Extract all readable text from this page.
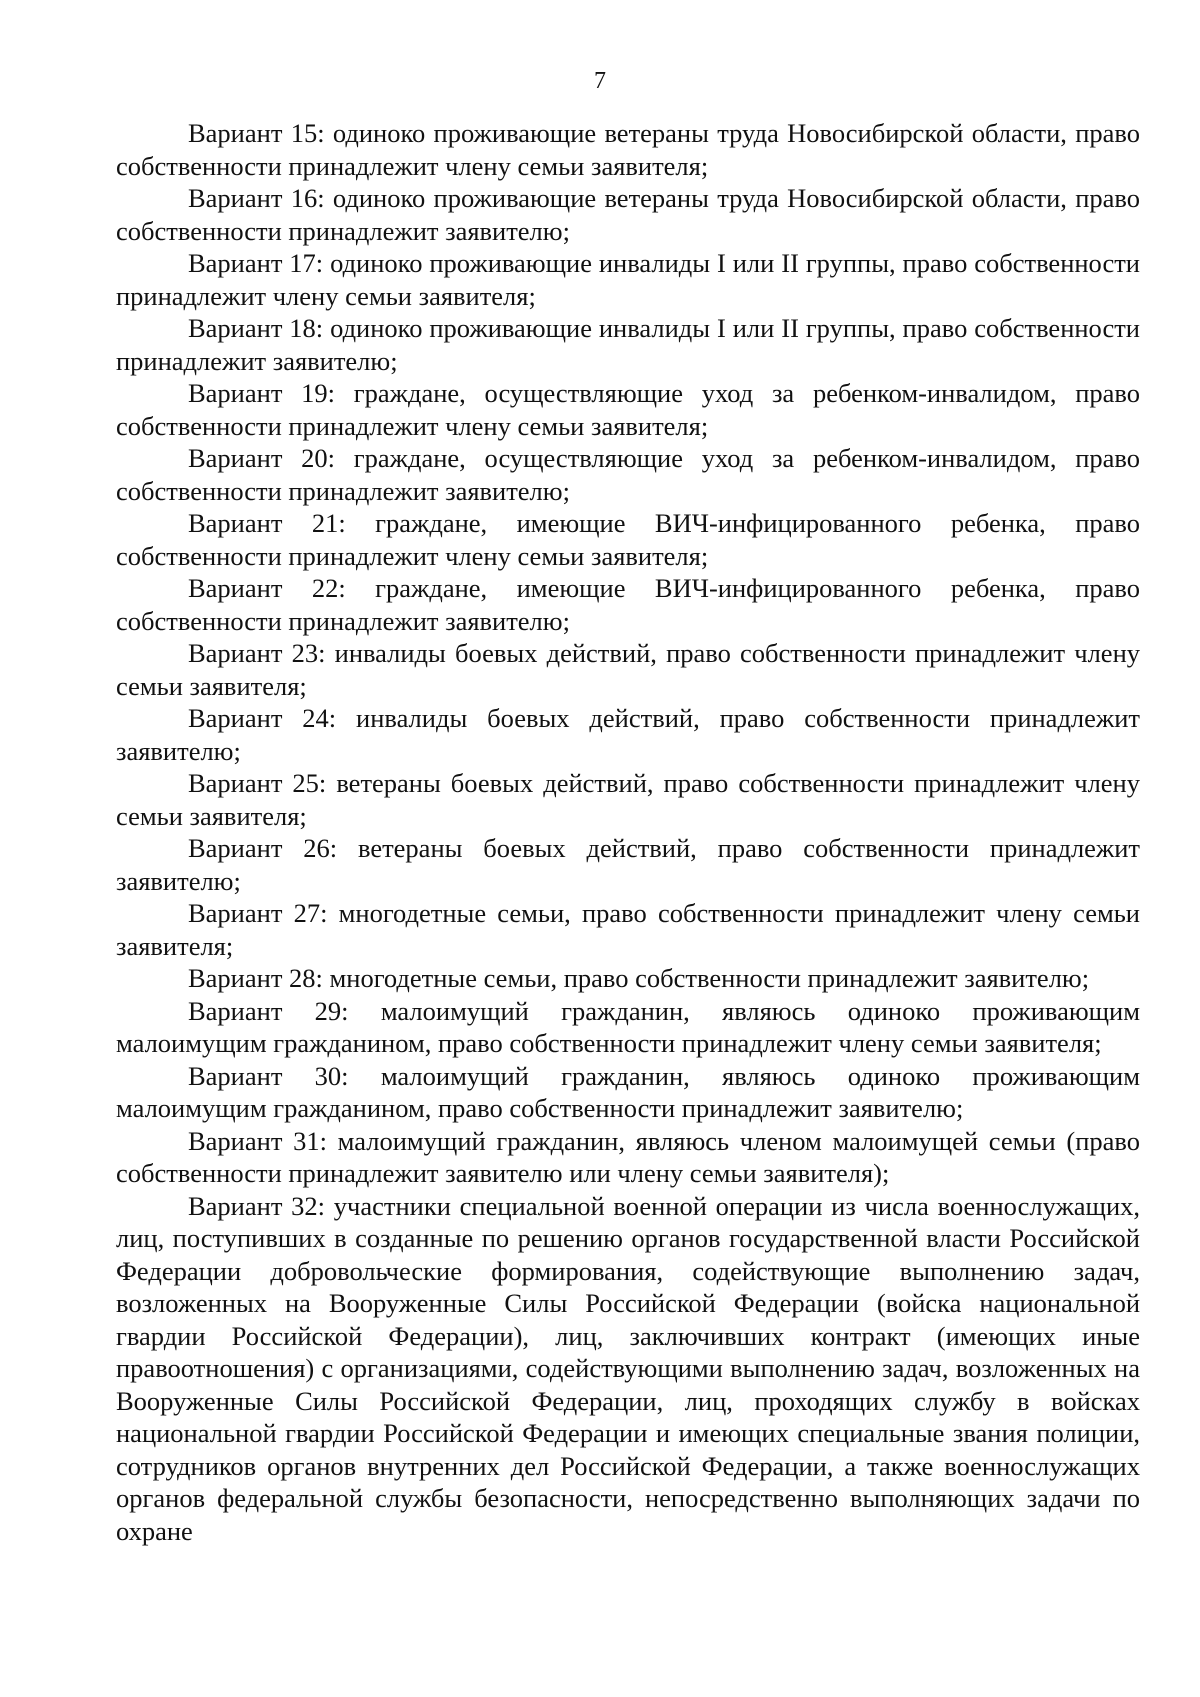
7

Вариант 15: одиноко проживающие ветераны труда Новосибирской области, право собственности принадлежит члену семьи заявителя;

Вариант 16: одиноко проживающие ветераны труда Новосибирской области, право собственности принадлежит заявителю;

Вариант 17: одиноко проживающие инвалиды I или II группы, право собственности принадлежит члену семьи заявителя;

Вариант 18: одиноко проживающие инвалиды I или II группы, право собственности принадлежит заявителю;

Вариант 19: граждане, осуществляющие уход за ребенком-инвалидом, право собственности принадлежит члену семьи заявителя;

Вариант 20: граждане, осуществляющие уход за ребенком-инвалидом, право собственности принадлежит заявителю;

Вариант 21: граждане, имеющие ВИЧ-инфицированного ребенка, право собственности принадлежит члену семьи заявителя;

Вариант 22: граждане, имеющие ВИЧ-инфицированного ребенка, право собственности принадлежит заявителю;

Вариант 23: инвалиды боевых действий, право собственности принадлежит члену семьи заявителя;

Вариант 24: инвалиды боевых действий, право собственности принадлежит заявителю;

Вариант 25: ветераны боевых действий, право собственности принадлежит члену семьи заявителя;

Вариант 26: ветераны боевых действий, право собственности принадлежит заявителю;

Вариант 27: многодетные семьи, право собственности принадлежит члену семьи заявителя;

Вариант 28: многодетные семьи, право собственности принадлежит заявителю;

Вариант 29: малоимущий гражданин, являюсь одиноко проживающим малоимущим гражданином, право собственности принадлежит члену семьи заявителя;

Вариант 30: малоимущий гражданин, являюсь одиноко проживающим малоимущим гражданином, право собственности принадлежит заявителю;

Вариант 31: малоимущий гражданин, являюсь членом малоимущей семьи (право собственности принадлежит заявителю или члену семьи заявителя);

Вариант 32: участники специальной военной операции из числа военнослужащих, лиц, поступивших в созданные по решению органов государственной власти Российской Федерации добровольческие формирования, содействующие выполнению задач, возложенных на Вооруженные Силы Российской Федерации (войска национальной гвардии Российской Федерации), лиц, заключивших контракт (имеющих иные правоотношения) с организациями, содействующими выполнению задач, возложенных на Вооруженные Силы Российской Федерации, лиц, проходящих службу в войсках национальной гвардии Российской Федерации и имеющих специальные звания полиции, сотрудников органов внутренних дел Российской Федерации, а также военнослужащих органов федеральной службы безопасности, непосредственно выполняющих задачи по охране
